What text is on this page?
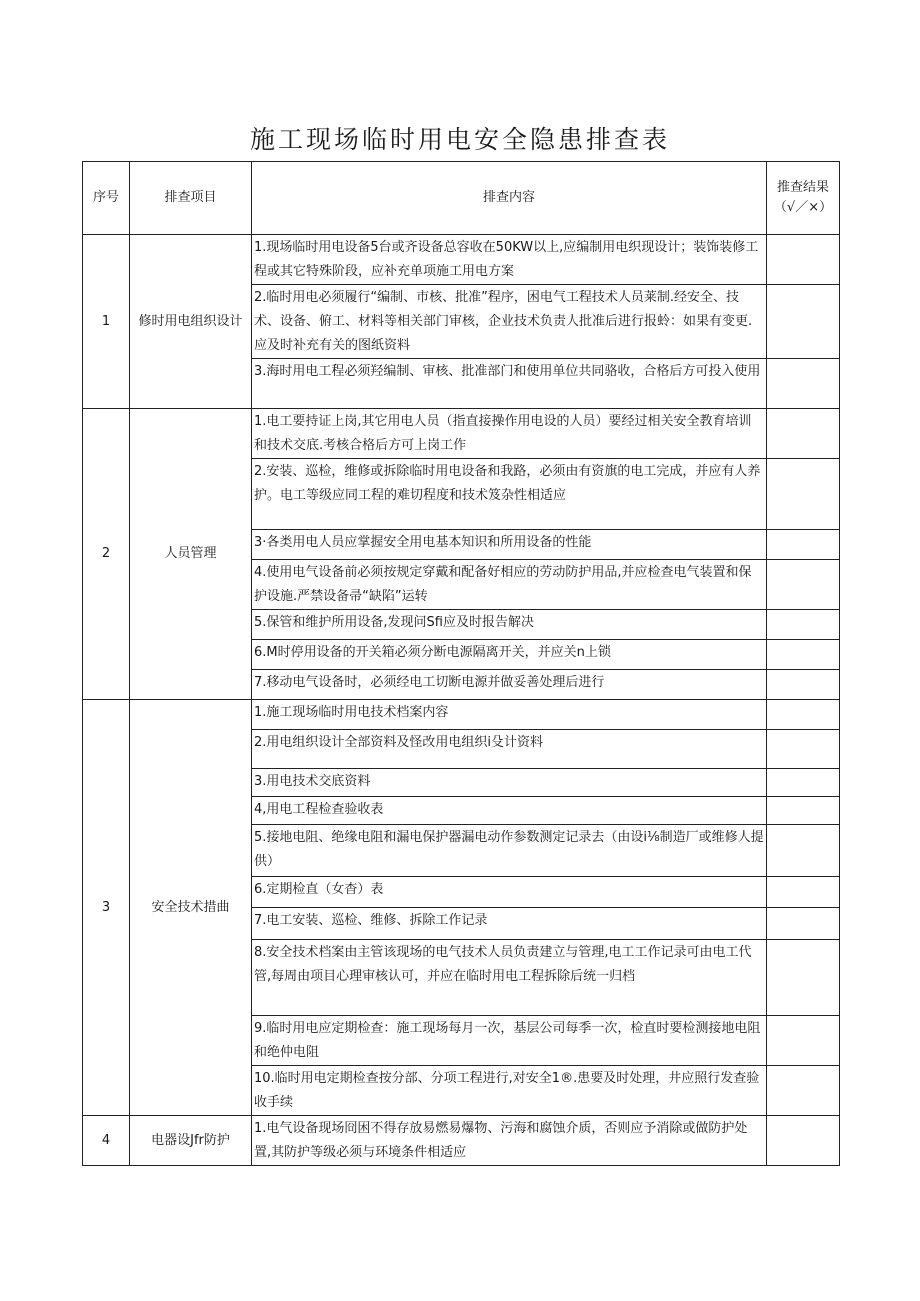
施工现场临时用电安全隐患排查表
序号	排查项目	排查内容	推查结果（√／×）
1	修时用电组织设计	1.现场临时用电设备5台或齐设备总容收在50KW以上,应编制用电织现设计；装饰装修工程或其它特殊阶段，应补充单项施工用电方案	
		2.临时用电必须履行“编制、市核、批准”程序，困电气工程技术人员莱制.经安全、技术、设备、俯工、材料等相关部门审核，企业技术负责人批准后进行报蛉：如果有变更.应及时补充有关的图纸资料	
		3.海时用电工程必须羟编制、审核、批准部门和使用单位共同骆收，合格后方可投入使用	
2	人员管理	1.电工要持证上岗,其它用电人员（指直接操作用电设的人员）要经过相关安全教育培训和技术交底.考核合格后方可上岗工作	
		2.安装、巡检，维修或拆除临时用电设备和我路，必须由有资旗的电工完成，并应有人养护。电工等级应同工程的难切程度和技术笈杂性相适应	
		3·各类用电人员应掌握安全用电基本知识和所用设备的性能	
		4.使用电气设备前必须按规定穿戴和配备好相应的劳动防护用品,并应检查电气装置和保护设施.严禁设备帚“缺陷”运转	
		5.保管和维护所用设备,发现问Sfi应及时报告解决	
		6.M时停用设备的开关箱必须分断电源隔离开关，并应关n上锁	
		7.移动电气设备时，必须经电工切断电源并做妥善处理后进行	
3	安全技术措曲	1.施工现场临时用电技术档案内容	
		2.用电组织设计全部资料及怪改用电组织i殳计资料	
		3.用电技术交底资料	
		4,用电工程检查验收表	
		5.接地电阻、绝缘电阻和漏电保护器漏电动作参数测定记录去（由设i⅛制造厂或维修人提供）	
		6.定期检直（女杳）表	
		7.电工安装、巡检、维修、拆除工作记录	
		8.安全技术档案由主管该现场的电气技术人员负责建立与管理,电工工作记录可由电工代管,每周由项目心理审核认可，并应在临时用电工程拆除后统一归档	
		9.临时用电应定期检查：施工现场每月一次，基层公司每季一次，检直时要检测接地电阻和绝仲电阻	
		10.临时用电定期检查按分部、分项工程进行,对安全1®.患要及时处理，井应照行发查验收手续	
4	电器设Jfr防护	1.电气设备现场冏困不得存放易燃易爆物、污海和腐蚀介质，否则应予消除或做防护处置,其防护等级必须与环境条件相适应	
